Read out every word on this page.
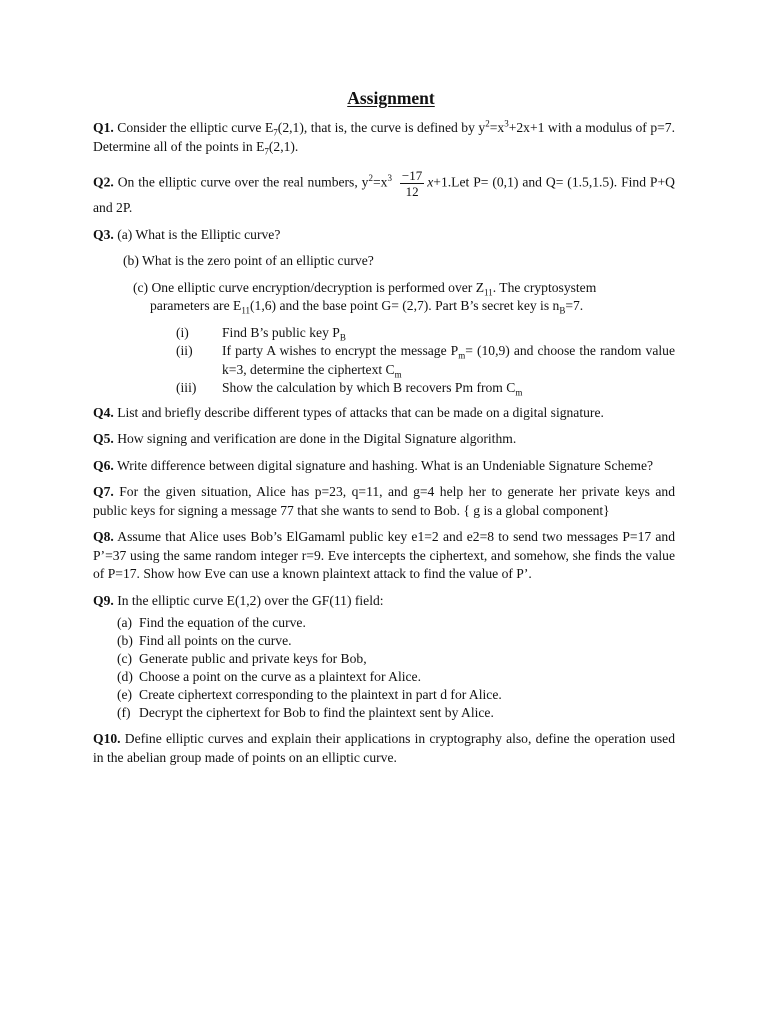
Assignment

Q1. Consider the elliptic curve $E_7(2,1)$, that is, the curve is defined by $y^2=x^3+2x+1$ with a modulus of p=7. Determine all of the points in $E_7(2,1)$.

Q2. On the elliptic curve over the real numbers, $y^2=x^3 \frac{-17}{12} x+1.Let$ P= (0,1) and Q= (1.5,1.5). Find P+Q and 2P.

Q3. (a) What is the Elliptic curve?

(b) What is the zero point of an elliptic curve?

(c) One elliptic curve encryption/decryption is performed over $Z_{11}$. The cryptosystem

parameters are $E_{11}(1,6)$ and the base point G= (2,7). Part B’s secret key is $n_B=7$.

(i)	Find B’s public key $P_B$
(ii)	If party A wishes to encrypt the message $P_m= (10,9)$ and choose the random value k=3, determine the ciphertext $C_m$
(iii)	Show the calculation by which B recovers Pm from $C_m$

Q4. List and briefly describe different types of attacks that can be made on a digital signature.

Q5. How signing and verification are done in the Digital Signature algorithm.

Q6. Write difference between digital signature and hashing. What is an Undeniable Signature Scheme?

Q7. For the given situation, Alice has p=23, q=11, and g=4 help her to generate her private keys and public keys for signing a message 77 that she wants to send to Bob. { g is a global component}

Q8. Assume that Alice uses Bob’s ElGamaml public key e1=2 and e2=8 to send two messages P=17 and P’=37 using the same random integer r=9. Eve intercepts the ciphertext, and somehow, she finds the value of P=17. Show how Eve can use a known plaintext attack to find the value of P’.

Q9. In the elliptic curve E(1,2) over the GF(11) field:

(a) Find the equation of the curve.
(b) Find all points on the curve.
(c) Generate public and private keys for Bob,
(d) Choose a point on the curve as a plaintext for Alice.
(e) Create ciphertext corresponding to the plaintext in part d for Alice.
(f) Decrypt the ciphertext for Bob to find the plaintext sent by Alice.

Q10. Define elliptic curves and explain their applications in cryptography also, define the operation used in the abelian group made of points on an elliptic curve.
